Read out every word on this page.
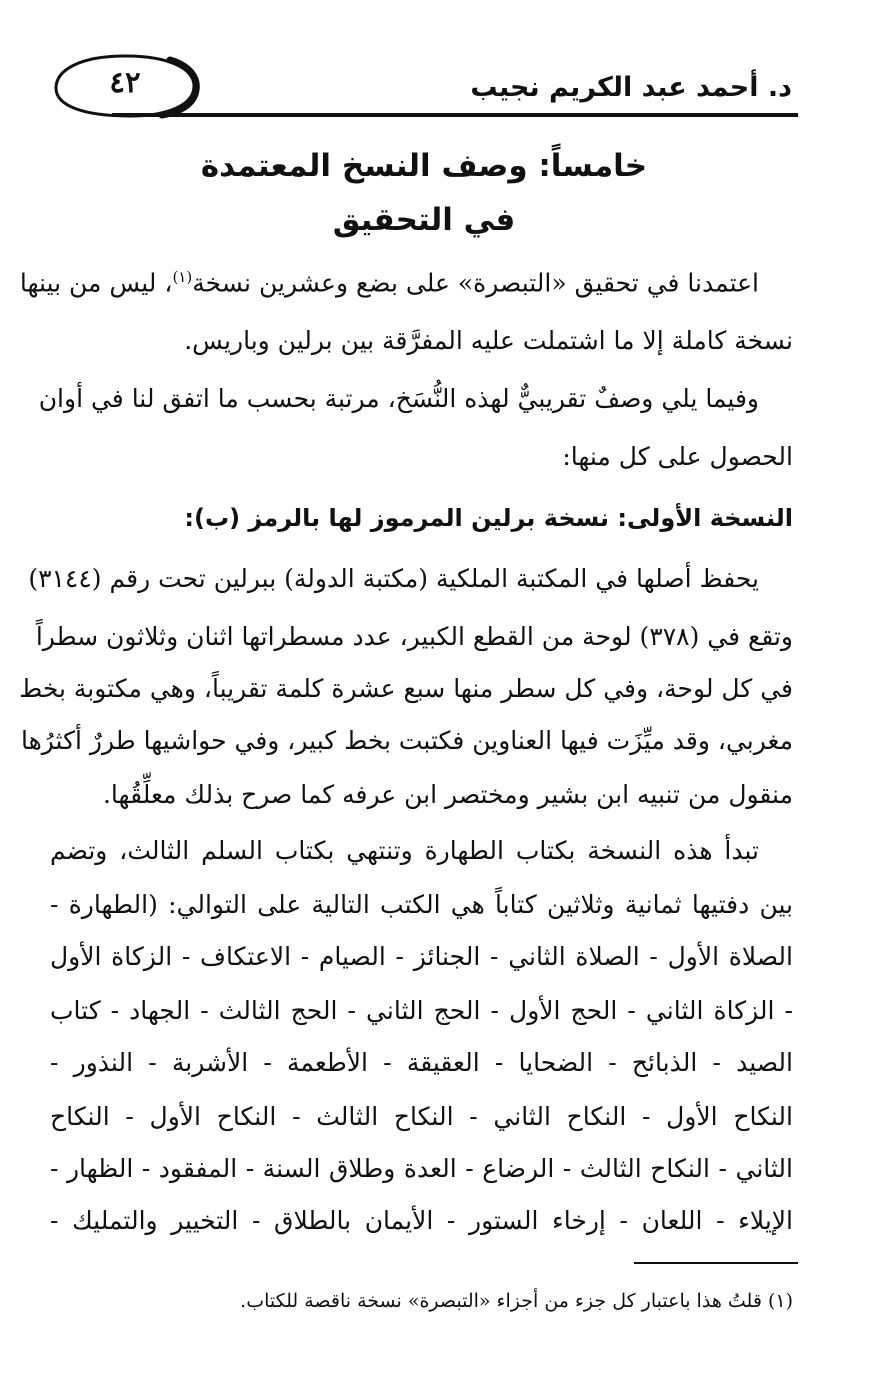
٤٢	د. أحمد عبد الكريم نجيب
خامساً: وصف النسخ المعتمدة
في التحقيق
اعتمدنا في تحقيق «التبصرة» على بضع وعشرين نسخة$^{(١)}$، ليس من بينها
نسخة كاملة إلا ما اشتملت عليه المفرَّقة بين برلين وباريس.
وفيما يلي وصفٌ تقريبيٌّ لهذه النُّسَخ، مرتبة بحسب ما اتفق لنا في أوان
الحصول على كل منها:
النسخة الأولى: نسخة برلين المرموز لها بالرمز (ب):
يحفظ أصلها في المكتبة الملكية (مكتبة الدولة) ببرلين تحت رقم (٣١٤٤)
وتقع في (٣٧٨) لوحة من القطع الكبير، عدد مسطراتها اثنان وثلاثون سطراً
في كل لوحة، وفي كل سطر منها سبع عشرة كلمة تقريباً، وهي مكتوبة بخط
مغربي، وقد ميِّزَت فيها العناوين فكتبت بخط كبير، وفي حواشيها طررٌ أكثرُها
منقول من تنبيه ابن بشير ومختصر ابن عرفه كما صرح بذلك معلِّقُها.
تبدأ هذه النسخة بكتاب الطهارة وتنتهي بكتاب السلم الثالث، وتضم
بين دفتيها ثمانية وثلاثين كتاباً هي الكتب التالية على التوالي: (الطهارة -
الصلاة الأول - الصلاة الثاني - الجنائز - الصيام - الاعتكاف - الزكاة الأول
- الزكاة الثاني - الحج الأول - الحج الثاني - الحج الثالث - الجهاد - كتاب
الصيد - الذبائح - الضحايا - العقيقة - الأطعمة - الأشربة - النذور -
النكاح الأول - النكاح الثاني - النكاح الثالث - النكاح الأول - النكاح
الثاني - النكاح الثالث - الرضاع - العدة وطلاق السنة - المفقود - الظهار -
الإيلاء - اللعان - إرخاء الستور - الأيمان بالطلاق - التخيير والتمليك -
(١) قلتُ هذا باعتبار كل جزء من أجزاء «التبصرة» نسخة ناقصة للكتاب.
